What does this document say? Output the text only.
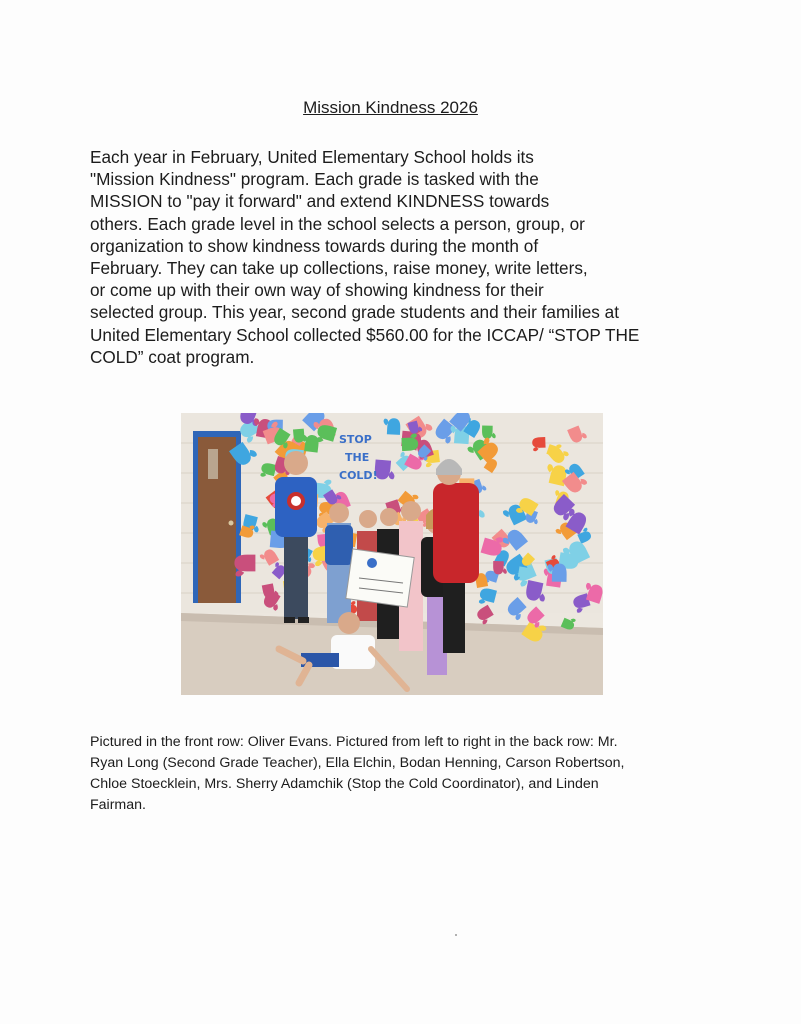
Mission Kindness 2026

Each year in February, United Elementary School holds its
"Mission Kindness" program. Each grade is tasked with the
MISSION to "pay it forward" and extend KINDNESS towards
others. Each grade level in the school selects a person, group, or
organization to show kindness towards during the month of
February. They can take up collections, raise money, write letters,
or come up with their own way of showing kindness for their
selected group. This year, second grade students and their families at
United Elementary School collected $560.00 for the ICCAP/ “STOP THE
COLD” coat program.

STOP
THE
COLD!

Pictured in the front row: Oliver Evans. Pictured from left to right in the back row: Mr.
Ryan Long (Second Grade Teacher), Ella Elchin, Bodan Henning, Carson Robertson,
Chloe Stoecklein, Mrs. Sherry Adamchik (Stop the Cold Coordinator), and Linden
Fairman.
